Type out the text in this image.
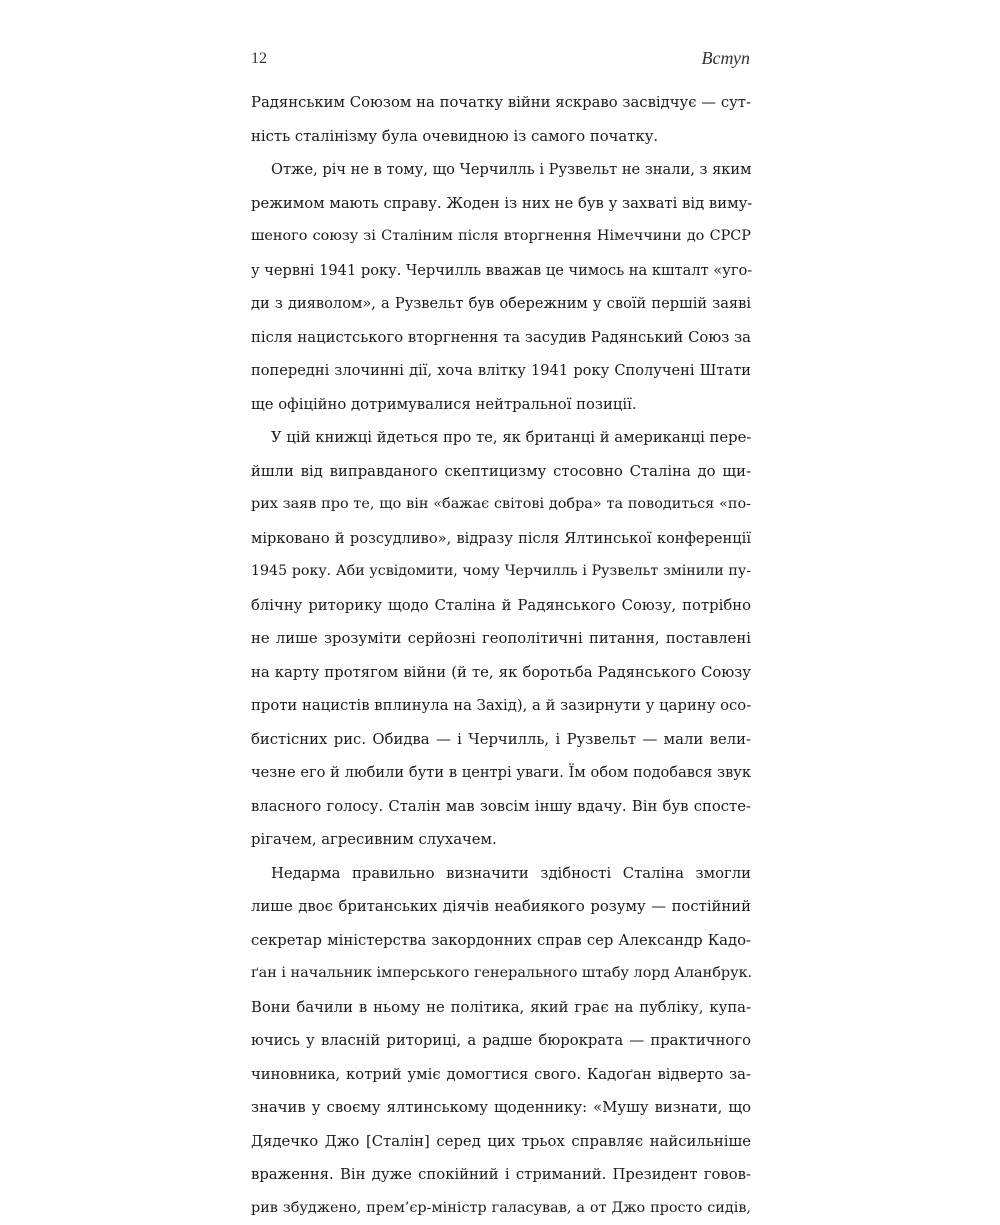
12	Вступ
Радянським Союзом на початку війни яскраво засвідчує — сут-
ність сталінізму була очевидною із самого початку.
Отже, річ не в тому, що Черчилль і Рузвельт не знали, з яким
режимом мають справу. Жоден із них не був у захваті від виму-
шеного союзу зі Сталіним після вторгнення Німеччини до СРСР
у червні 1941 року. Черчилль вважав це чимось на кшталт «уго-
ди з дияволом», а Рузвельт був обережним у своїй першій заяві
після нацистського вторгнення та засудив Радянський Союз за
попередні злочинні дії, хоча влітку 1941 року Сполучені Штати
ще офіційно дотримувалися нейтральної позиції.
У цій книжці йдеться про те, як британці й американці пере-
йшли від виправданого скептицизму стосовно Сталіна до щи-
рих заяв про те, що він «бажає світові добра» та поводиться «по-
мірковано й розсудливо», відразу після Ялтинської конференції
1945 року. Аби усвідомити, чому Черчилль і Рузвельт змінили пу-
блічну риторику щодо Сталіна й Радянського Союзу, потрібно
не лише зрозуміти серйозні геополітичні питання, поставлені
на карту протягом війни (й те, як боротьба Радянського Союзу
проти нацистів вплинула на Захід), а й зазирнути у царину осо-
бистісних рис. Обидва — і Черчилль, і Рузвельт — мали вели-
чезне его й любили бути в центрі уваги. Їм обом подобався звук
власного голосу. Сталін мав зовсім іншу вдачу. Він був спосте-
рігачем, агресивним слухачем.
Недарма правильно визначити здібності Сталіна змогли
лише двоє британських діячів неабиякого розуму — постійний
секретар міністерства закордонних справ сер Александр Кадо-
ґан і начальник імперського генерального штабу лорд Аланбрук.
Вони бачили в ньому не політика, який грає на публіку, купа-
ючись у власній риториці, а радше бюрократа — практичного
чиновника, котрий уміє домогтися свого. Кадоґан відверто за-
значив у своєму ялтинському щоденнику: «Мушу визнати, що
Дядечко Джо [Сталін] серед цих трьох справляє найсильніше
враження. Він дуже спокійний і стриманий. Президент говов-
рив збуджено, прем’єр-міністр галасував, а от Джо просто сидів,
